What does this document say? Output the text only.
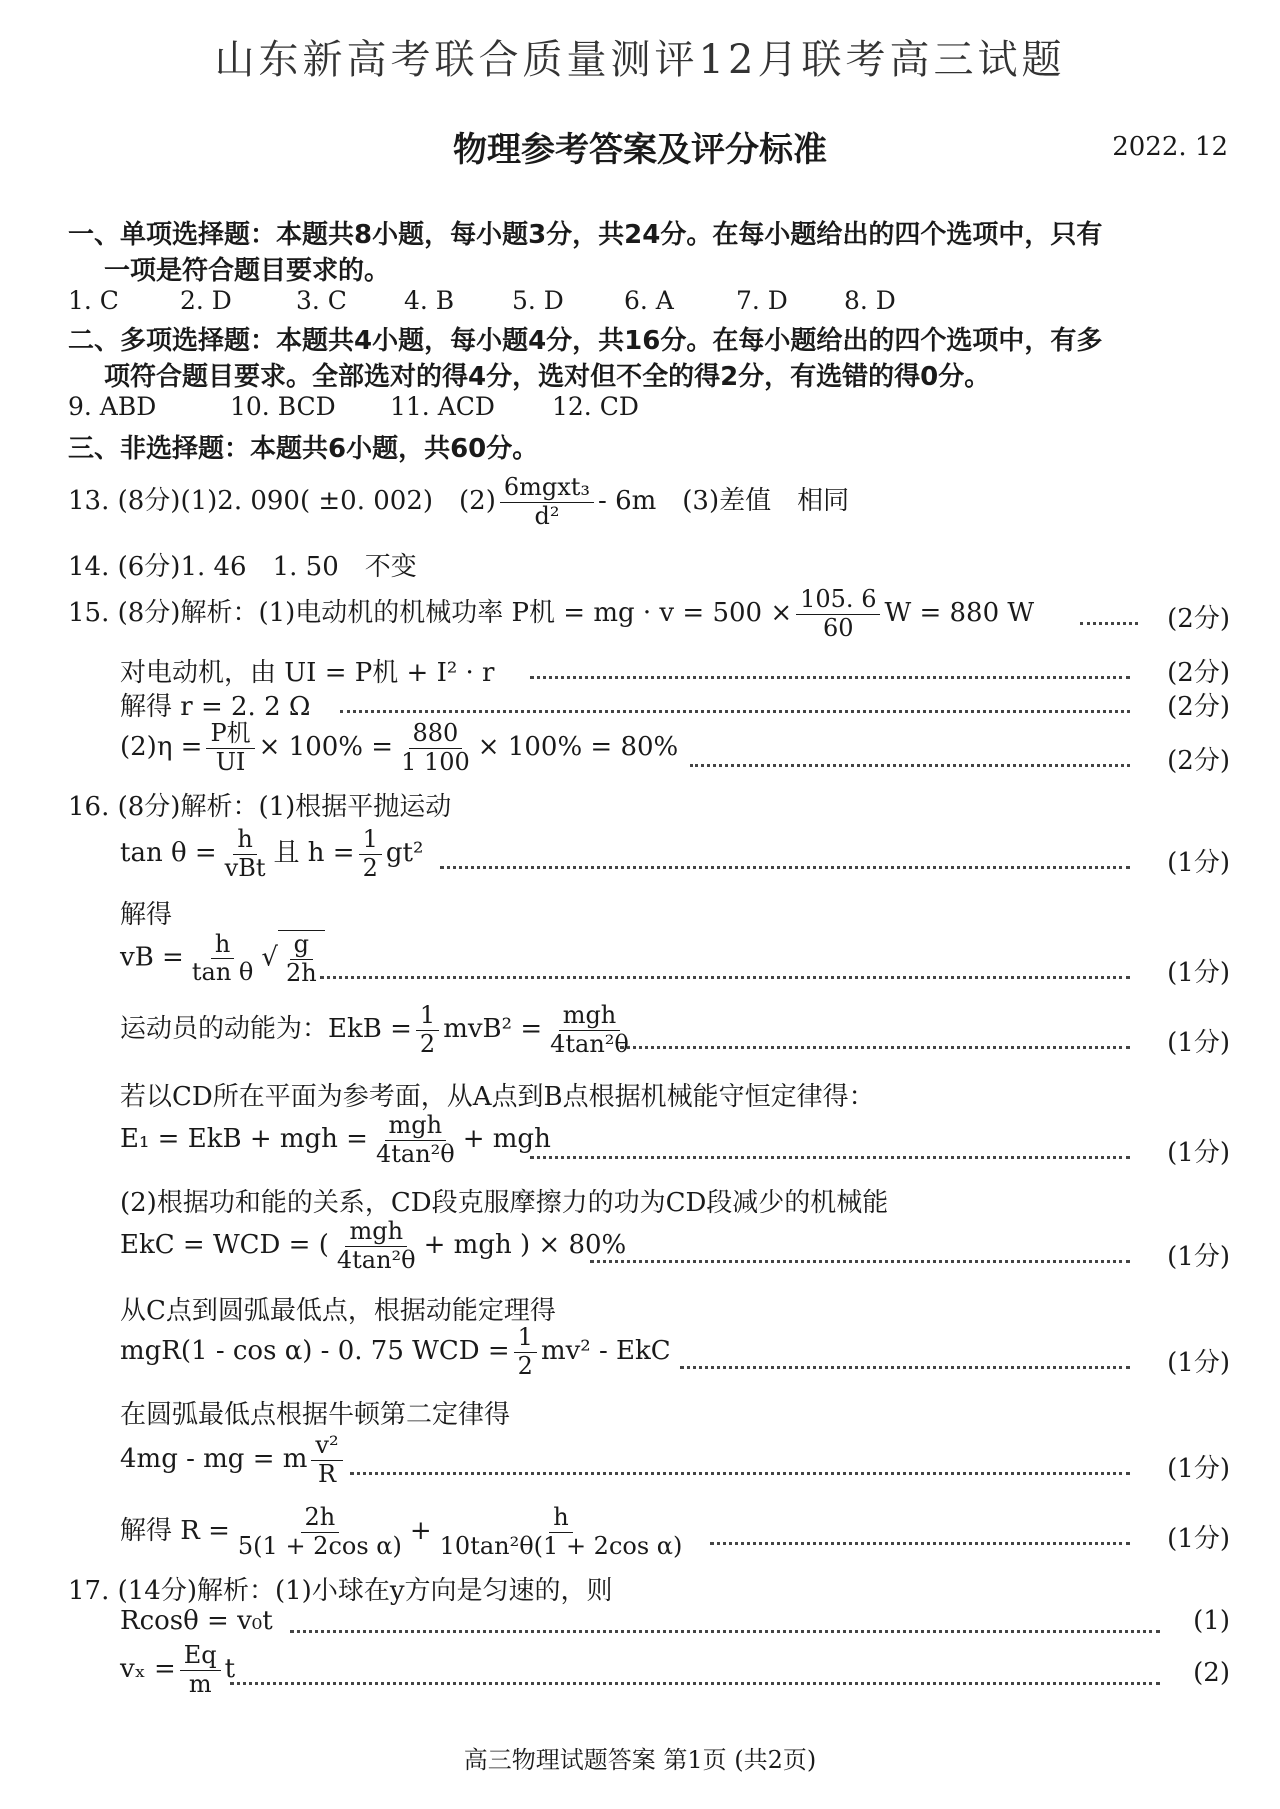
山东新高考联合质量测评12月联考高三试题
物理参考答案及评分标准	2022. 12
一、单项选择题：本题共8小题，每小题3分，共24分。在每小题给出的四个选项中，只有
一项是符合题目要求的。
1. C 2. D	3. C 4. B 5. D 6. A 7. D 8. D
二、多项选择题：本题共4小题，每小题4分，共16分。在每小题给出的四个选项中，有多
项符合题目要求。全部选对的得4分，选对但不全的得2分，有选错的得0分。
9. ABD	10. BCD 11. ACD 12. CD
三、非选择题：本题共6小题，共60分。
13. (8分)(1)2. 090( ±0. 002)　$(2) \frac{\text{6mgxt₃}}{\text{d²}} - 6m$　(3)差值　相同
14. (6分)1. 46　1. 50　不变
15. (8分)解析：(1)电动机的机械功率 P机 = mg · $v = 500 \times \frac{105. 6}{60}$ W = 880 W	(2分)
对电动机，由 UI = P机 + I² · r	(2分)
解得 r = 2. 2 Ω	(2分)
$(2)\eta = \frac{\text{P机}}{UI} \times 100\% = \frac{880}{1 100} \times 100\% = 80\%$	(2分)
16. (8分)解析：(1)根据平抛运动
$\tan \theta = \frac{h}{\text{vBt}}$ 且 $h = \frac{1}{2} gt^2$	(1分)
解得
vB = $\frac{h}{\text{tan θ}}$ √ $\frac{g}{2h}$	(1分)
运动员的动能为：EkB = $\frac{1}{2} mvB^2 = \frac{\text{mgh}}{\text{4tan²θ}}$	(1分)
若以CD所在平面为参考面，从A点到B点根据机械能守恒定律得：
E₁ = EkB + mgh = $\frac{\text{mgh}}{\text{4tan²θ}}$ + mgh	(1分)
(2)根据功和能的关系，CD段克服摩擦力的功为CD段减少的机械能
EkC = WCD = ( $\frac{\text{mgh}}{\text{4tan²θ}}$ + mgh ) × 80%	(1分)
从C点到圆弧最低点，根据动能定理得
mgR(1 - cos α) - 0. 75 WCD = $\frac{1}{2} mv^2$ - EkC	(1分)
在圆弧最低点根据牛顿第二定律得
4mg - mg = m $\frac{\text{v²}}{R}$	(1分)
解得 $R = \frac{2h}{\text{5(1 + 2cos α)}} + \frac{h}{\text{10tan²θ(1 + 2cos α)}}$	(1分)
17. (14分)解析：(1)小球在y方向是匀速的，则
Rcosθ = v₀t	(1)
$v_x = \frac{Eq}{m}$ t	(2)
高三物理试题答案 第1页 (共2页)
